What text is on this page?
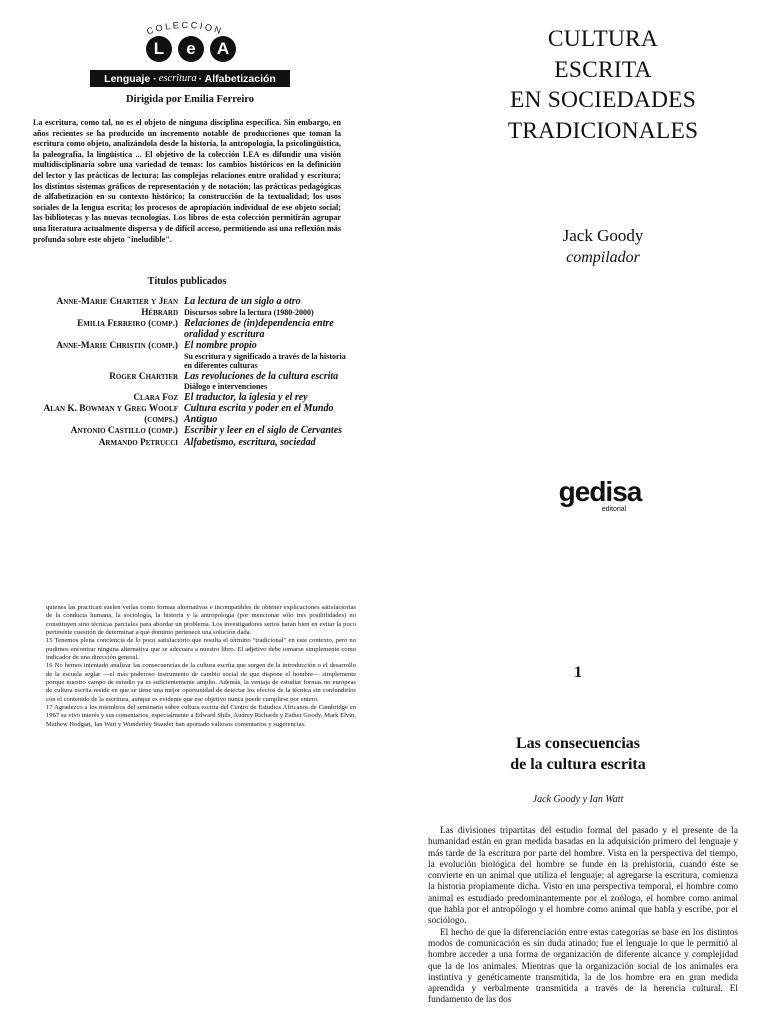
COLECCION
L	e	A
Lenguaje · escritura · Alfabetización
Dirigida por Emilia Ferreiro
La escritura, como tal, no es el objeto de ninguna disciplina específica. Sin embargo, en años recientes se ha producido un incremento notable de producciones que toman la escritura como objeto, analizándola desde la historia, la antropología, la psicolingüística, la paleografía, la lingüística ... El objetivo de la colección LEA es difundir una visión multidisciplinaria sobre una variedad de temas: los cambios históricos en la definición del lector y las prácticas de lectura; las complejas relaciones entre oralidad y escritura; los distintos sistemas gráficos de representación y de notación; las prácticas pedagógicas de alfabetización en su contexto histórico; la construcción de la textualidad; los usos sociales de la lengua escrita; los procesos de apropiación individual de ese objeto social; las bibliotecas y las nuevas tecnologías. Los libros de esta colección permitirán agrupar una literatura actualmente dispersa y de difícil acceso, permitiendo así una reflexión más profunda sobre este objeto "ineludible".
Títulos publicados
Anne-Marie Chartier y Jean Hébrard
La lectura de un siglo a otro
Discursos sobre la lectura (1980-2000)
Emilia Ferreiro (comp.) Relaciones de (in)dependencia entre oralidad y escritura
Anne-Marie Christin (comp.) El nombre propio
Su escritura y significado a través de la historia en diferentes culturas
Roger Chartier Las revoluciones de la cultura escrita
Diálogo e intervenciones
Clara Foz El traductor, la iglesia y el rey
Alan K. Bowman y Greg Woolf (comps.)
Cultura escrita y poder en el Mundo Antiguo
Antonio Castillo (comp.) Escribir y leer en el siglo de Cervantes
Armando Petrucci Alfabetismo, escritura, sociedad

quienes las practican suelen verlas como formas alternativas e incompatibles de obtener explicaciones satisfactorias de la conducta humana, la sociología, la historia y la antropología (por mencionar sólo tres posibilidades) no constituyen sino técnicas parciales para abordar un problema. Los investigadores serios harán bien en evitar la poco pertinente cuestión de determinar a qué dominio pertenece una solución dada.

15 Tenemos plena conciencia de lo poco satisfactorio que resulta el término "tradicional" en este contexto, pero no pudimos encontrar ninguna alternativa que se adecuara a nuestro libro. El adjetivo debe tomarse simplemente como indicador de una dirección general.

16 No hemos intentado analizar las consecuencias de la cultura escrita que surgen de la introducción o el desarrollo de la escuela seglar —el más poderoso instrumento de cambio social de que dispone el hombre— simplemente porque nuestro campo de estudio ya es suficientemente amplio. Además, la ventaja de estudiar formas no europeas de cultura escrita reside en que se tiene una mejor oportunidad de detectar los efectos de la técnica sin confundirlos con el contenido de la escritura, aunque es evidente que ese objetivo nunca puede cumplirse por entero.

17 Agradezco a los miembros del seminario sobre cultura escrita del Centro de Estudios Africanos de Cambridge en 1967 su vivo interés y sus comentarios, especialmente a Edward Shils, Audrey Richards y Esther Goody. Mark Elvin, Mathew Hodgart, Ian Watt y Wunderley Stauder han aportado valiosos comentarios y sugerencias.

CULTURA
ESCRITA
EN SOCIEDADES
TRADICIONALES
Jack Goody
compilador
gedisa
editorial
1
Las consecuencias
de la cultura escrita
Jack Goody y Ian Watt

Las divisiones tripartitas del estudio formal del pasado y el presente de la humanidad están en gran medida basadas en la adquisición primero del lenguaje y más tarde de la escritura por parte del hombre. Vista en la perspectiva del tiempo, la evolución biológica del hombre se funde en la prehistoria, cuando éste se convierte en un animal que utiliza el lenguaje; al agregarse la escritura, comienza la historia propiamente dicha. Visto en una perspectiva temporal, el hombre como animal es estudiado predominantemente por el zoólogo, el hombre como animal que habla por el antropólogo y el hombre como animal que habla y escribe, por el sociólogo.

El hecho de que la diferenciación entre estas categorías se base en los distintos modos de comunicación es sin duda atinado; fue el lenguaje lo que le permitió al hombre acceder a una forma de organización de diferente alcance y complejidad que la de los animales. Mientras que la organización social de los animales era instintiva y genéticamente transmitida, la de los hombre era en gran medida aprendida y verbalmente transmitida a través de la herencia cultural. El fundamento de las dos
